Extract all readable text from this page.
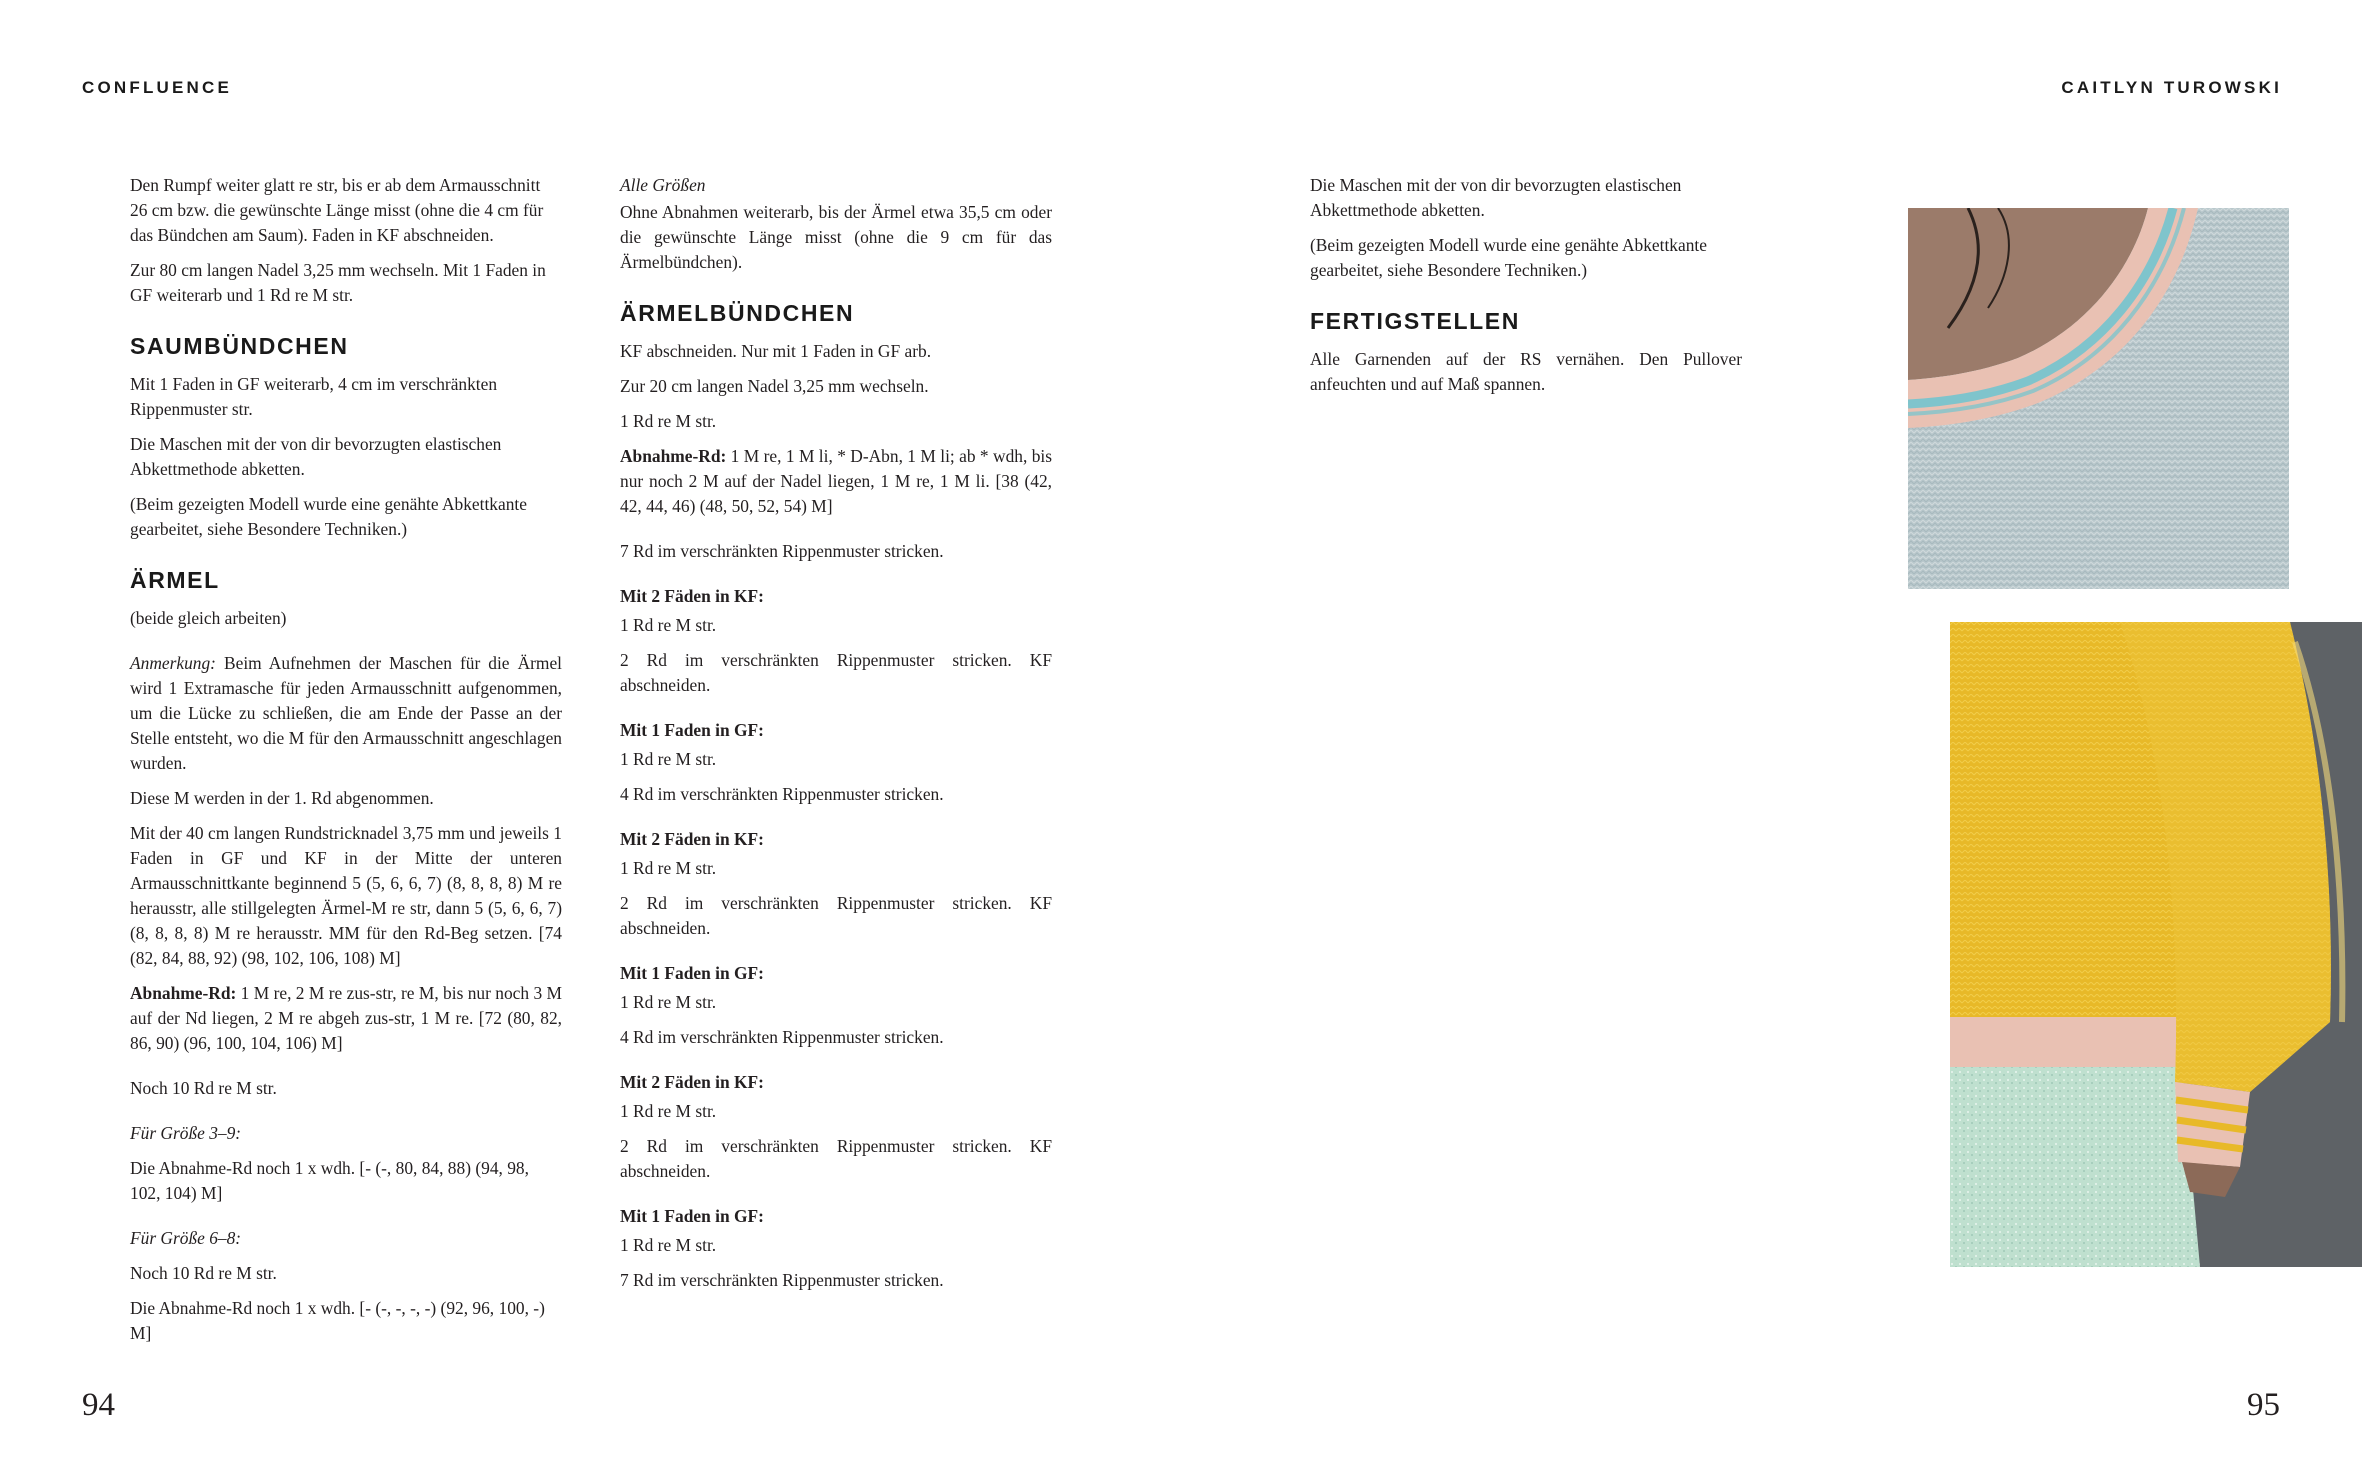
CONFLUENCE	CAITLYN TUROWSKI

Den Rumpf weiter glatt re str, bis er ab dem Armausschnitt 26 cm bzw. die gewünschte Länge misst (ohne die 4 cm für das Bündchen am Saum). Faden in KF abschneiden.

Zur 80 cm langen Nadel 3,25 mm wechseln. Mit 1 Faden in GF weiterarb und 1 Rd re M str.

SAUMBÜNDCHEN

Mit 1 Faden in GF weiterarb, 4 cm im verschränkten Rippenmuster str.

Die Maschen mit der von dir bevorzugten elastischen Abkettmethode abketten.

(Beim gezeigten Modell wurde eine genähte Abkettkante gearbeitet, siehe Besondere Techniken.)

ÄRMEL

(beide gleich arbeiten)

Anmerkung: Beim Aufnehmen der Maschen für die Ärmel wird 1 Extramasche für jeden Armausschnitt aufgenommen, um die Lücke zu schließen, die am Ende der Passe an der Stelle entsteht, wo die M für den Armausschnitt angeschlagen wurden.

Diese M werden in der 1. Rd abgenommen.

Mit der 40 cm langen Rundstricknadel 3,75 mm und jeweils 1 Faden in GF und KF in der Mitte der unteren Armausschnittkante beginnend 5 (5, 6, 6, 7) (8, 8, 8, 8) M re herausstr, alle stillgelegten Ärmel-M re str, dann 5 (5, 6, 6, 7) (8, 8, 8, 8) M re herausstr. MM für den Rd-Beg setzen. [74 (82, 84, 88, 92) (98, 102, 106, 108) M]

Abnahme-Rd: 1 M re, 2 M re zus-str, re M, bis nur noch 3 M auf der Nd liegen, 2 M re abgeh zus-str, 1 M re. [72 (80, 82, 86, 90) (96, 100, 104, 106) M]

Noch 10 Rd re M str.

Für Größe 3–9:

Die Abnahme-Rd noch 1 x wdh. [- (-, 80, 84, 88) (94, 98, 102, 104) M]

Für Größe 6–8:

Noch 10 Rd re M str.

Die Abnahme-Rd noch 1 x wdh. [- (-, -, -, -) (92, 96, 100, -) M]

Alle Größen

Ohne Abnahmen weiterarb, bis der Ärmel etwa 35,5 cm oder die gewünschte Länge misst (ohne die 9 cm für das Ärmelbündchen).

ÄRMELBÜNDCHEN

KF abschneiden. Nur mit 1 Faden in GF arb.

Zur 20 cm langen Nadel 3,25 mm wechseln.

1 Rd re M str.

Abnahme-Rd: 1 M re, 1 M li, * D-Abn, 1 M li; ab * wdh, bis nur noch 2 M auf der Nadel liegen, 1 M re, 1 M li. [38 (42, 42, 44, 46) (48, 50, 52, 54) M]

7 Rd im verschränkten Rippenmuster stricken.

Mit 2 Fäden in KF:

1 Rd re M str.

2 Rd im verschränkten Rippenmuster stricken. KF abschneiden.

Mit 1 Faden in GF:

1 Rd re M str.

4 Rd im verschränkten Rippenmuster stricken.

Mit 2 Fäden in KF:

1 Rd re M str.

2 Rd im verschränkten Rippenmuster stricken. KF abschneiden.

Mit 1 Faden in GF:

1 Rd re M str.

4 Rd im verschränkten Rippenmuster stricken.

Mit 2 Fäden in KF:

1 Rd re M str.

2 Rd im verschränkten Rippenmuster stricken. KF abschneiden.

Mit 1 Faden in GF:

1 Rd re M str.

7 Rd im verschränkten Rippenmuster stricken.

Die Maschen mit der von dir bevorzugten elastischen Abkettmethode abketten.

(Beim gezeigten Modell wurde eine genähte Abkettkante gearbeitet, siehe Besondere Techniken.)

FERTIGSTELLEN

Alle Garnenden auf der RS vernähen. Den Pullover anfeuchten und auf Maß spannen.

94	95
